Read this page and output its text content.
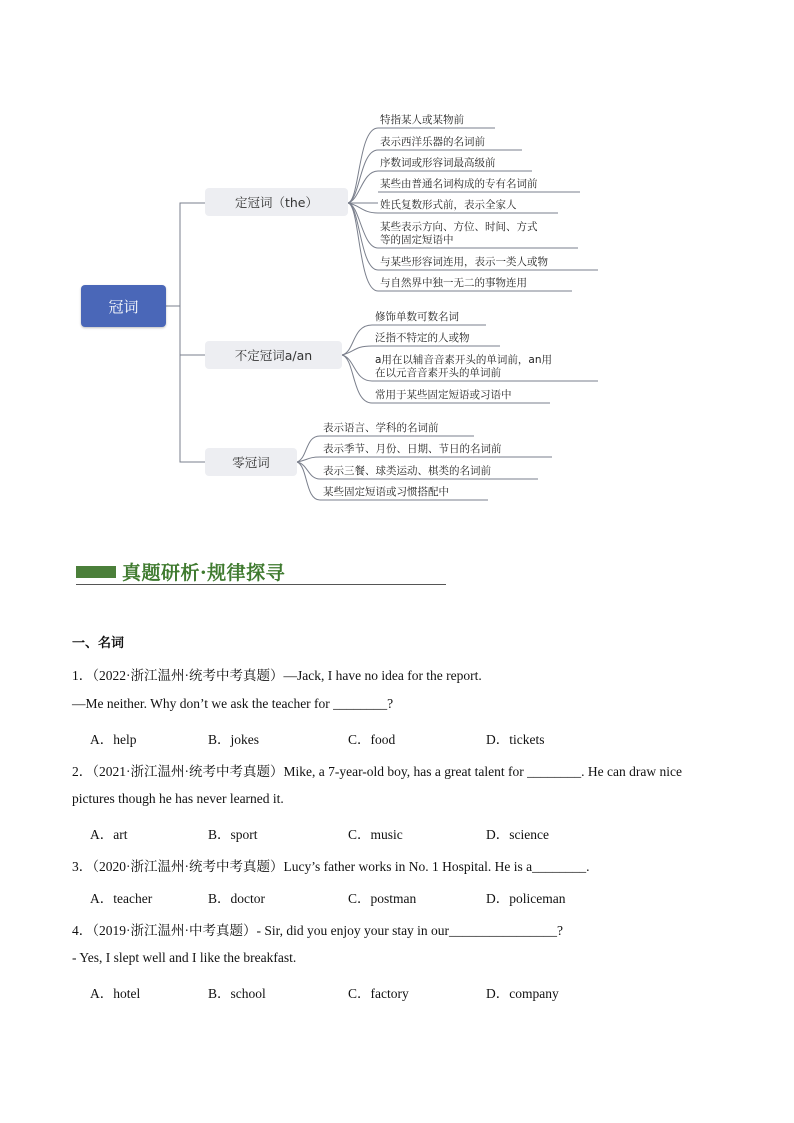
冠词
定冠词（the）
不定冠词a/an
零冠词
特指某人或某物前
表示西洋乐器的名词前
序数词或形容词最高级前
某些由普通名词构成的专有名词前
姓氏复数形式前，表示全家人
某些表示方向、方位、时间、方式
等的固定短语中
与某些形容词连用，表示一类人或物
与自然界中独一无二的事物连用
修饰单数可数名词
泛指不特定的人或物
a用在以辅音音素开头的单词前，an用
在以元音音素开头的单词前
常用于某些固定短语或习语中
表示语言、学科的名词前
表示季节、月份、日期、节日的名词前
表示三餐、球类运动、棋类的名词前
某些固定短语或习惯搭配中
真题研析·规律探寻
一、名词
1．（2022·浙江温州·统考中考真题）—Jack, I have no idea for the report.
—Me neither. Why don’t we ask the teacher for ________?
A．help	B．jokes	C．food	D．tickets
2．（2021·浙江温州·统考中考真题）Mike, a 7-year-old boy, has a great talent for ________. He can draw nice
pictures though he has never learned it.
A．art	B．sport	C．music	D．science
3．（2020·浙江温州·统考中考真题）Lucy’s father works in No. 1 Hospital. He is a________.
A．teacher	B．doctor	C．postman	D．policeman
4．（2019·浙江温州·中考真题）- Sir, did you enjoy your stay in our________________?
- Yes, I slept well and I like the breakfast.
A．hotel	B．school	C．factory	D．company
